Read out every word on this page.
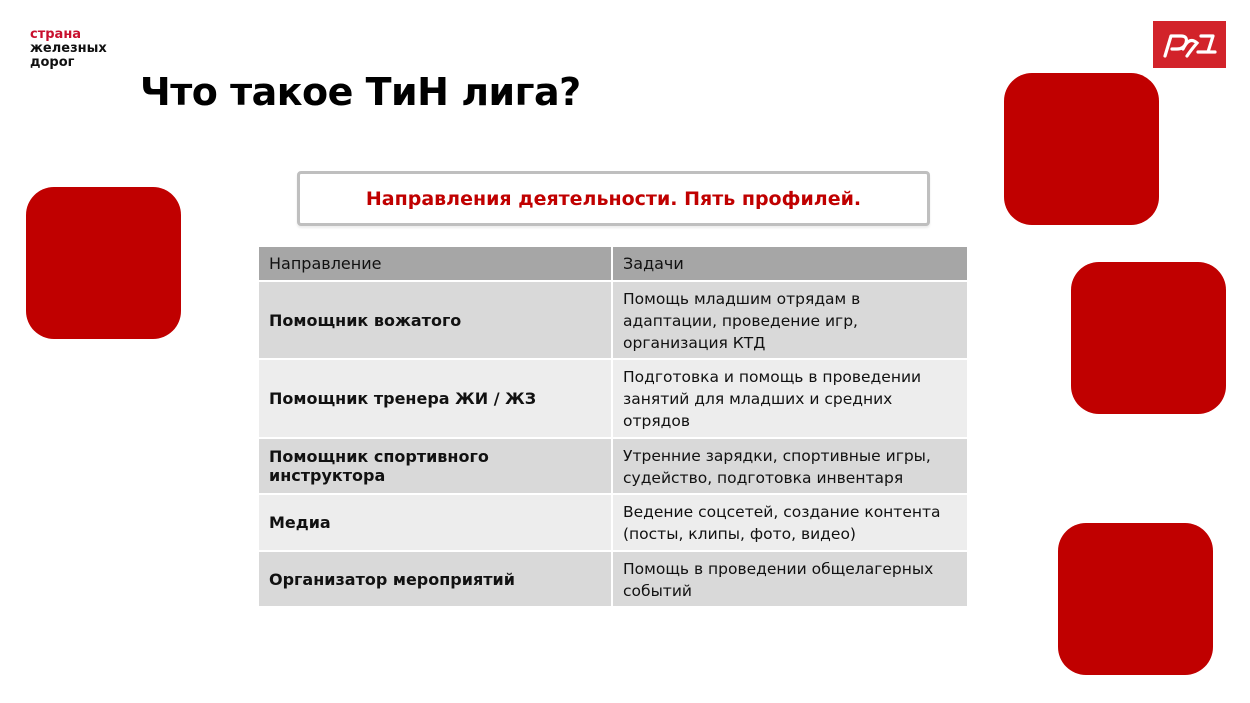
страна
железных
дорог
Что такое ТиН лига?
Направления деятельности. Пять профилей.
Направление	Задачи
Помощник вожатого
Помощь младшим отрядам в адаптации, проведение игр, организация КТД
Помощник тренера ЖИ / ЖЗ
Подготовка и помощь в проведении занятий для младших и средних отрядов
Помощник спортивного инструктора
Утренние зарядки, спортивные игры, судейство, подготовка инвентаря
Медиа
Ведение соцсетей, создание контента (посты, клипы, фото, видео)
Организатор мероприятий
Помощь в проведении общелагерных событий
